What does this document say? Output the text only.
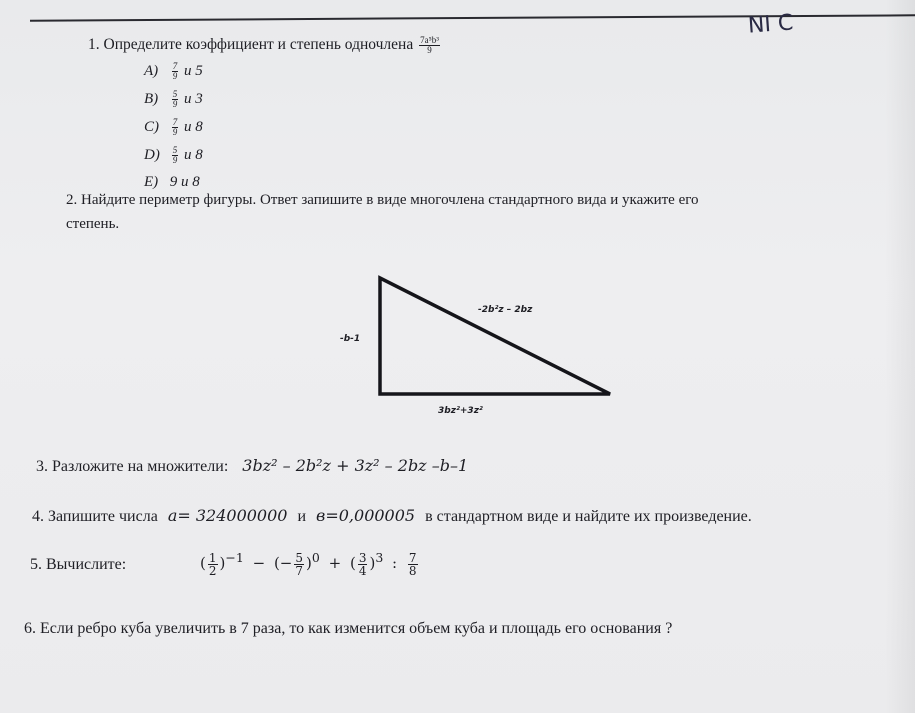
NI C
1. Определите коэффициент и степень одночлена $\frac{\text{7a⁵b³}}{9}$
$A) \frac{7}{9}$ и 5
$B) \frac{5}{9}$ и 3
$C) \frac{7}{9}$ и 8
$D) \frac{5}{9}$ и 8
E) 9 и 8
2. Найдите периметр фигуры. Ответ запишите в виде многочлена стандартного вида и укажите его
степень.
-b-1
-2b²z – 2bz
3bz²+3z²
3. Разложите на множители: 3bz² – 2b²z + 3z² – 2bz –b–1
4. Запишите числа a= 324000000 и в=0,000005 в стандартном виде и найдите их произведение.
5. Вычислите:	( $\frac{1}{2} )^{-1}$ − (− $\frac{5}{7} )^0$ + ( $\frac{3}{4} )^3$ : $\frac{7}{8}$
6. Если ребро куба увеличить в 7 раза, то как изменится объем куба и площадь его основания ?
